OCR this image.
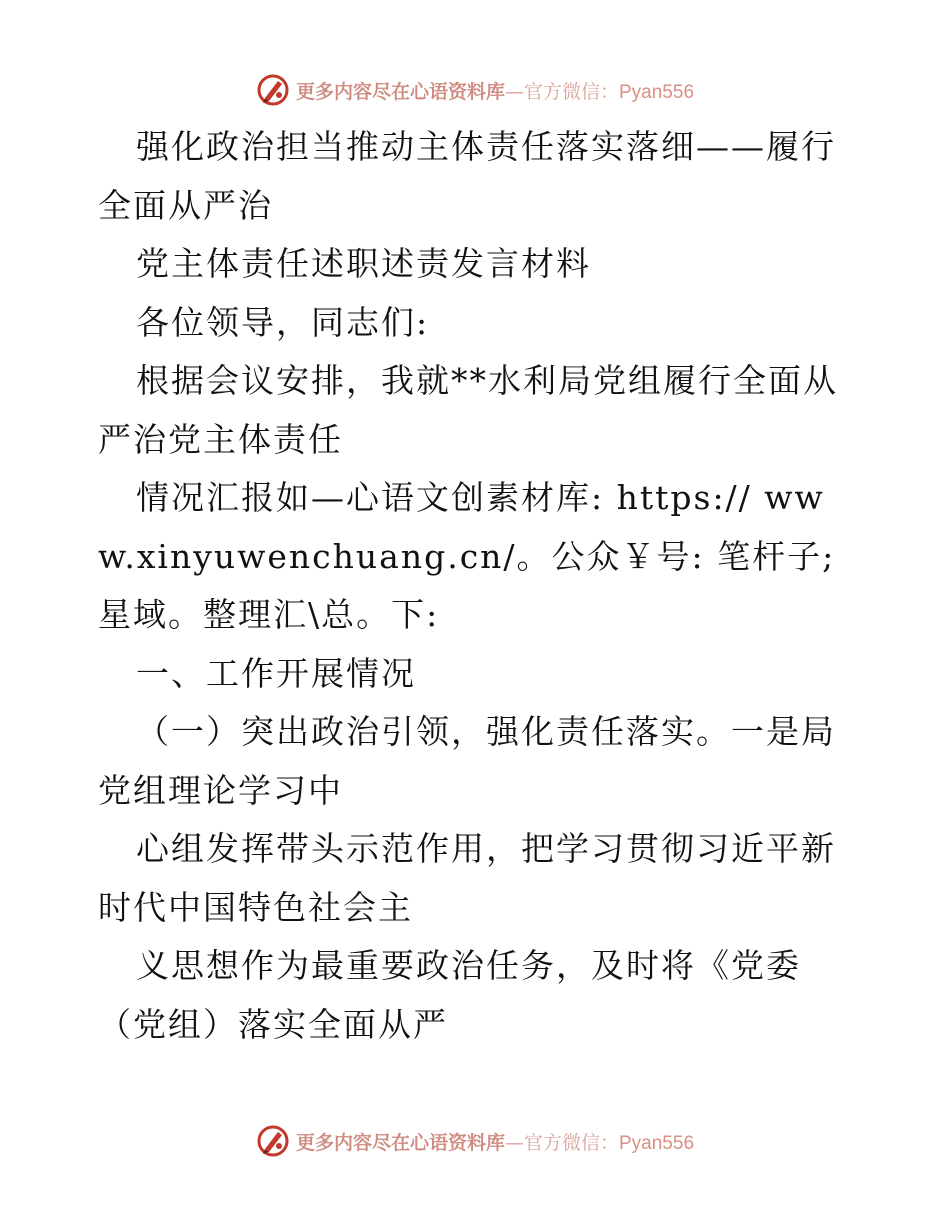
更多内容尽在心语资料库—官方微信：Pyan556

强化政治担当推动主体责任落实落细——履行全面从严治

党主体责任述职述责发言材料

各位领导，同志们:

根据会议安排，我就**水利局党组履行全面从严治党主体责任

情况汇报如—心语文创素材库: https:// www.xinyuwenchuang.cn/。公众￥号: 笔杆子;星域。整理汇\总。下:

一、工作开展情况

（一）突出政治引领，强化责任落实。一是局党组理论学习中

心组发挥带头示范作用，把学习贯彻习近平新时代中国特色社会主

义思想作为最重要政治任务，及时将《党委（党组）落实全面从严

更多内容尽在心语资料库—官方微信：Pyan556
